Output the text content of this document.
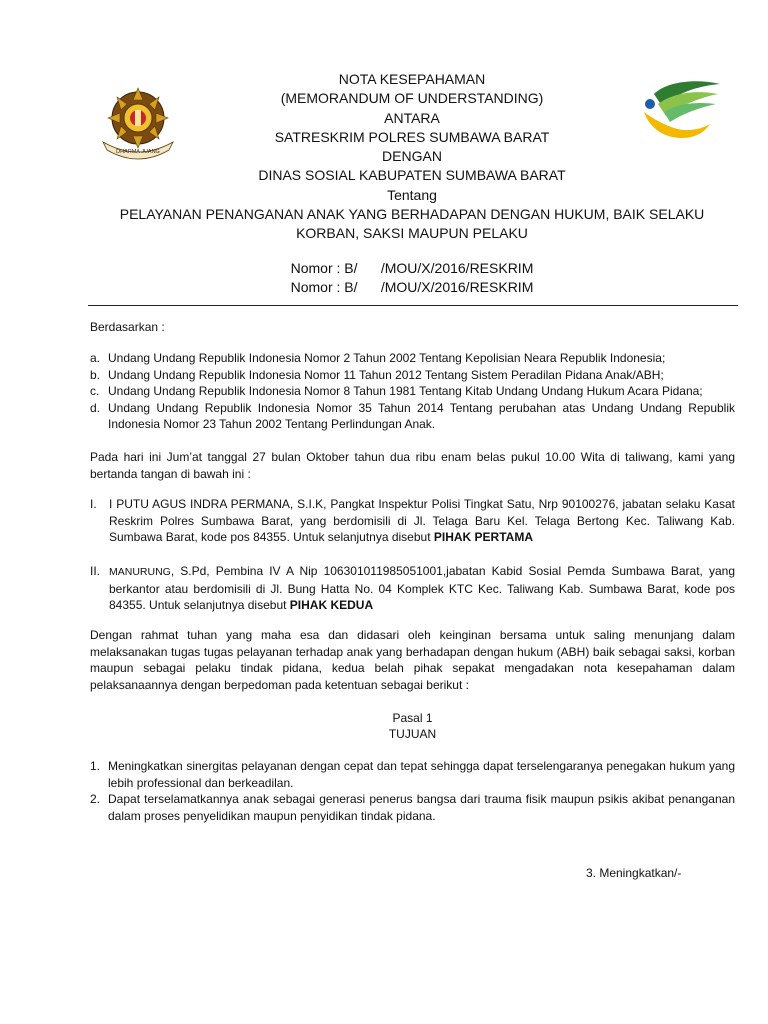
DHARMA JUANG
NOTA KESEPAHAMAN
(MEMORANDUM OF UNDERSTANDING)
ANTARA
SATRESKRIM POLRES SUMBAWA BARAT
DENGAN
DINAS SOSIAL KABUPATEN SUMBAWA BARAT
Tentang
PELAYANAN PENANGANAN ANAK YANG BERHADAPAN DENGAN HUKUM, BAIK SELAKU
KORBAN, SAKSI MAUPUN PELAKU
Nomor : B/      /MOU/X/2016/RESKRIM
Nomor : B/      /MOU/X/2016/RESKRIM
Berdasarkan :
a. Undang Undang Republik Indonesia Nomor 2 Tahun 2002 Tentang Kepolisian Neara Republik Indonesia;
b. Undang Undang Republik Indonesia Nomor 11 Tahun 2012 Tentang Sistem Peradilan Pidana Anak/ABH;
c. Undang Undang Republik Indonesia Nomor 8 Tahun 1981 Tentang Kitab Undang Undang Hukum Acara Pidana;
d. Undang Undang Republik Indonesia Nomor 35 Tahun 2014 Tentang perubahan atas Undang Undang Republik Indonesia Nomor 23 Tahun 2002 Tentang Perlindungan Anak.
Pada hari ini Jum’at tanggal 27 bulan Oktober tahun dua ribu enam belas pukul 10.00 Wita di taliwang, kami yang bertanda tangan di bawah ini :
I. I PUTU AGUS INDRA PERMANA, S.I.K, Pangkat Inspektur Polisi Tingkat Satu, Nrp 90100276, jabatan selaku Kasat Reskrim Polres Sumbawa Barat, yang berdomisili di Jl. Telaga Baru Kel. Telaga Bertong Kec. Taliwang Kab. Sumbawa Barat, kode pos 84355. Untuk selanjutnya disebut PIHAK PERTAMA
II. MANURUNG, S.Pd, Pembina IV A Nip 106301011985051001,jabatan Kabid Sosial Pemda Sumbawa Barat, yang berkantor atau berdomisili di Jl. Bung Hatta No. 04 Komplek KTC Kec. Taliwang Kab. Sumbawa Barat, kode pos 84355. Untuk selanjutnya disebut PIHAK KEDUA
Dengan rahmat tuhan yang maha esa dan didasari oleh keinginan bersama untuk saling menunjang dalam melaksanakan tugas tugas pelayanan terhadap anak yang berhadapan dengan hukum (ABH) baik sebagai saksi, korban maupun sebagai pelaku tindak pidana, kedua belah pihak sepakat mengadakan nota kesepahaman dalam pelaksanaannya dengan berpedoman pada ketentuan sebagai berikut :
Pasal 1
TUJUAN
1. Meningkatkan sinergitas pelayanan dengan cepat dan tepat sehingga dapat terselengaranya penegakan hukum yang lebih professional dan berkeadilan.
2. Dapat terselamatkannya anak sebagai generasi penerus bangsa dari trauma fisik maupun psikis akibat penanganan dalam proses penyelidikan maupun penyidikan tindak pidana.
3. Meningkatkan/-
